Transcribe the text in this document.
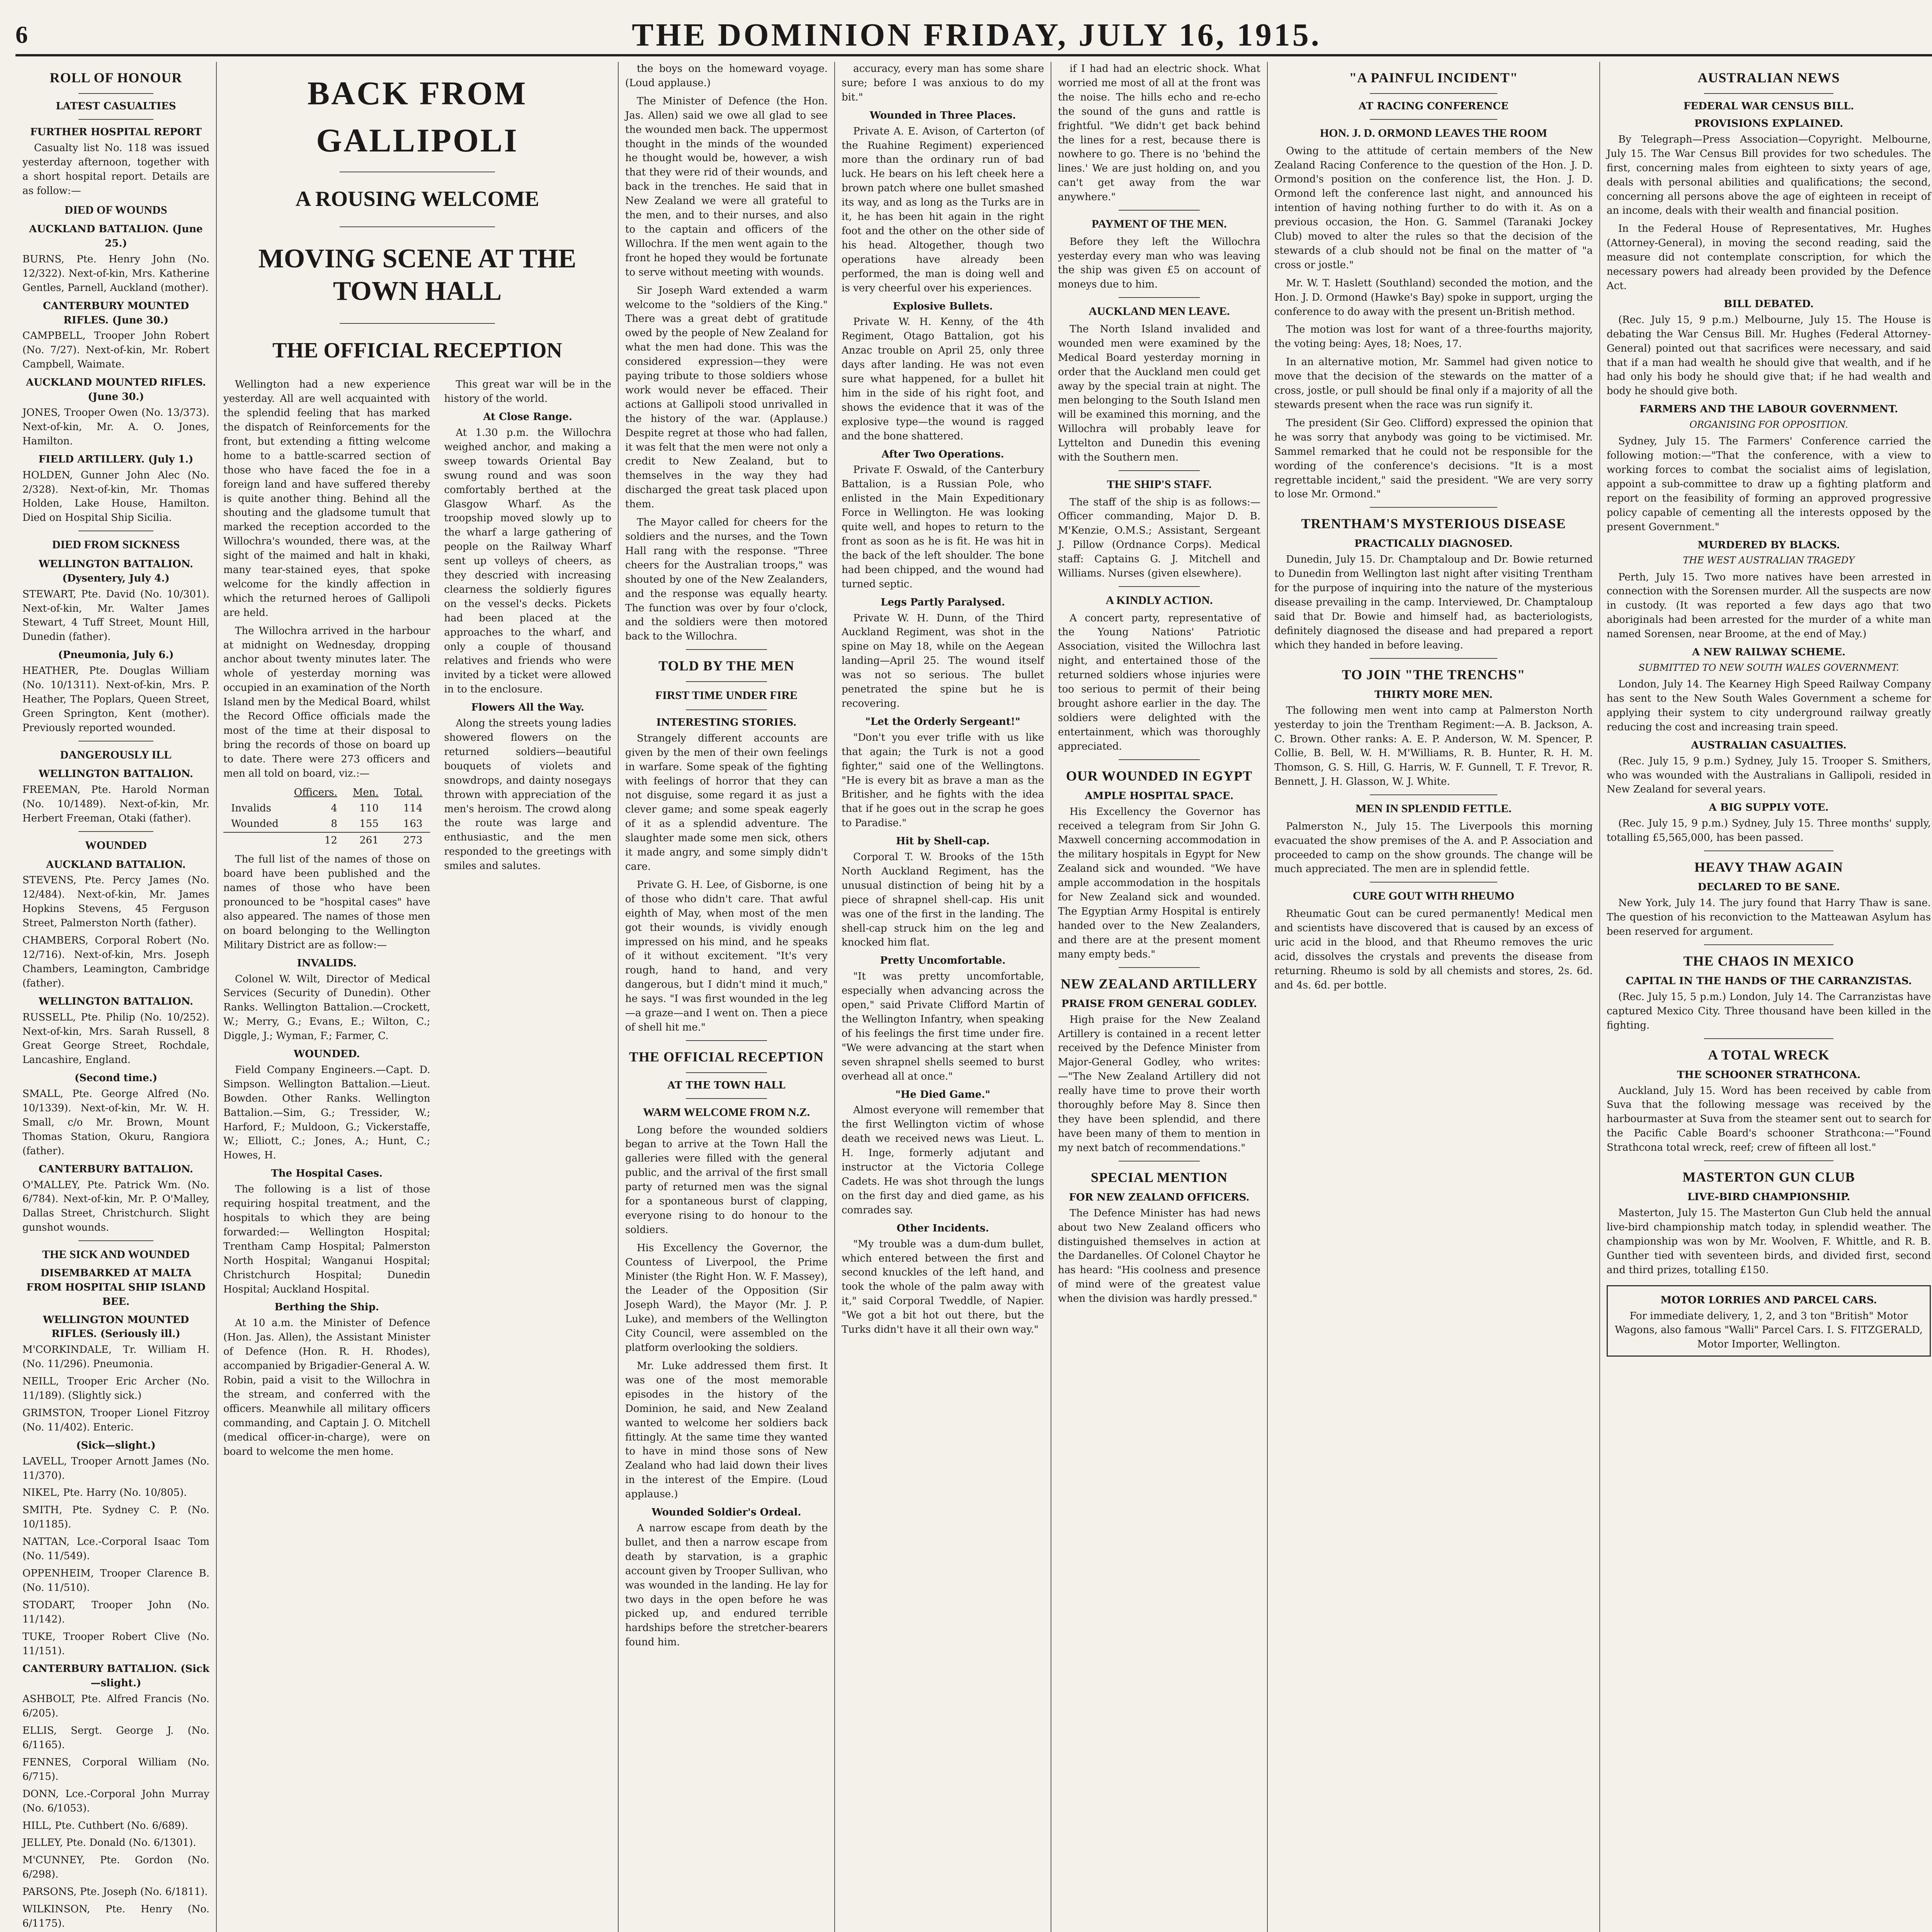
6	THE DOMINION FRIDAY, JULY 16, 1915.
ROLL OF HONOUR
LATEST CASUALTIES
FURTHER HOSPITAL REPORT

Casualty list No. 118 was issued yesterday afternoon, together with a short hospital report. Details are as follow:—

DIED OF WOUNDS
AUCKLAND BATTALION. (June 25.)
BURNS, Pte. Henry John (No. 12/322). Next-of-kin, Mrs. Katherine Gentles, Parnell, Auckland (mother).
CANTERBURY MOUNTED RIFLES. (June 30.)
CAMPBELL, Trooper John Robert (No. 7/27). Next-of-kin, Mr. Robert Campbell, Waimate.
AUCKLAND MOUNTED RIFLES. (June 30.)
JONES, Trooper Owen (No. 13/373). Next-of-kin, Mr. A. O. Jones, Hamilton.
FIELD ARTILLERY. (July 1.)
HOLDEN, Gunner John Alec (No. 2/328). Next-of-kin, Mr. Thomas Holden, Lake House, Hamilton. Died on Hospital Ship Sicilia.
DIED FROM SICKNESS
WELLINGTON BATTALION. (Dysentery, July 4.)
STEWART, Pte. David (No. 10/301). Next-of-kin, Mr. Walter James Stewart, 4 Tuff Street, Mount Hill, Dunedin (father).
(Pneumonia, July 6.)
HEATHER, Pte. Douglas William (No. 10/1311). Next-of-kin, Mrs. P. Heather, The Poplars, Queen Street, Green Springton, Kent (mother). Previously reported wounded.
DANGEROUSLY ILL
WELLINGTON BATTALION.
FREEMAN, Pte. Harold Norman (No. 10/1489). Next-of-kin, Mr. Herbert Freeman, Otaki (father).
WOUNDED
AUCKLAND BATTALION.
STEVENS, Pte. Percy James (No. 12/484). Next-of-kin, Mr. James Hopkins Stevens, 45 Ferguson Street, Palmerston North (father).
CHAMBERS, Corporal Robert (No. 12/716). Next-of-kin, Mrs. Joseph Chambers, Leamington, Cambridge (father).
WELLINGTON BATTALION.
RUSSELL, Pte. Philip (No. 10/252). Next-of-kin, Mrs. Sarah Russell, 8 Great George Street, Rochdale, Lancashire, England.
(Second time.)
SMALL, Pte. George Alfred (No. 10/1339). Next-of-kin, Mr. W. H. Small, c/o Mr. Brown, Mount Thomas Station, Okuru, Rangiora (father).
CANTERBURY BATTALION.
O'MALLEY, Pte. Patrick Wm. (No. 6/784). Next-of-kin, Mr. P. O'Malley, Dallas Street, Christchurch. Slight gunshot wounds.
THE SICK AND WOUNDED
DISEMBARKED AT MALTA FROM HOSPITAL SHIP ISLAND BEE.
WELLINGTON MOUNTED RIFLES. (Seriously ill.)
M'CORKINDALE, Tr. William H. (No. 11/296). Pneumonia.
NEILL, Trooper Eric Archer (No. 11/189). (Slightly sick.)
GRIMSTON, Trooper Lionel Fitzroy (No. 11/402). Enteric.
(Sick—slight.)
LAVELL, Trooper Arnott James (No. 11/370).
NIKEL, Pte. Harry (No. 10/805).
SMITH, Pte. Sydney C. P. (No. 10/1185).
NATTAN, Lce.-Corporal Isaac Tom (No. 11/549).
OPPENHEIM, Trooper Clarence B. (No. 11/510).
STODART, Trooper John (No. 11/142).
TUKE, Trooper Robert Clive (No. 11/151).
CANTERBURY BATTALION. (Sick—slight.)
ASHBOLT, Pte. Alfred Francis (No. 6/205).
ELLIS, Sergt. George J. (No. 6/1165).
FENNES, Corporal William (No. 6/715).
DONN, Lce.-Corporal John Murray (No. 6/1053).
HILL, Pte. Cuthbert (No. 6/689).
JELLEY, Pte. Donald (No. 6/1301).
M'CUNNEY, Pte. Gordon (No. 6/298).
PARSONS, Pte. Joseph (No. 6/1811).
WILKINSON, Pte. Henry (No. 6/1175).

BACK FROM GALLIPOLI
A ROUSING WELCOME
MOVING SCENE AT THE TOWN HALL
THE OFFICIAL RECEPTION

Wellington had a new experience yesterday. All are well acquainted with the splendid feeling that has marked the dispatch of Reinforcements for the front, but extending a fitting welcome home to a battle-scarred section of those who have faced the foe in a foreign land and have suffered thereby is quite another thing. Behind all the shouting and the gladsome tumult that marked the reception accorded to the Willochra's wounded, there was, at the sight of the maimed and halt in khaki, many tear-stained eyes, that spoke welcome for the kindly affection in which the returned heroes of Gallipoli are held.

The Willochra arrived in the harbour at midnight on Wednesday, dropping anchor about twenty minutes later. The whole of yesterday morning was occupied in an examination of the North Island men by the Medical Board, whilst the Record Office officials made the most of the time at their disposal to bring the records of those on board up to date. There were 273 officers and men all told on board, viz.:—

	Officers.	Men.	Total.
Invalids	4	110	114
Wounded	8	155	163
	12	261	273

The full list of the names of those on board have been published and the names of those who have been pronounced to be "hospital cases" have also appeared. The names of those men on board belonging to the Wellington Military District are as follow:—

INVALIDS.

Colonel W. Wilt, Director of Medical Services (Security of Dunedin). Other Ranks. Wellington Battalion.—Crockett, W.; Merry, G.; Evans, E.; Wilton, C.; Diggle, J.; Wyman, F.; Farmer, C.

WOUNDED.

Field Company Engineers.—Capt. D. Simpson. Wellington Battalion.—Lieut. Bowden. Other Ranks. Wellington Battalion.—Sim, G.; Tressider, W.; Harford, F.; Muldoon, G.; Vickerstaffe, W.; Elliott, C.; Jones, A.; Hunt, C.; Howes, H.

The Hospital Cases.

The following is a list of those requiring hospital treatment, and the hospitals to which they are being forwarded:— Wellington Hospital; Trentham Camp Hospital; Palmerston North Hospital; Wanganui Hospital; Christchurch Hospital; Dunedin Hospital; Auckland Hospital.

Berthing the Ship.

At 10 a.m. the Minister of Defence (Hon. Jas. Allen), the Assistant Minister of Defence (Hon. R. H. Rhodes), accompanied by Brigadier-General A. W. Robin, paid a visit to the Willochra in the stream, and conferred with the officers. Meanwhile all military officers commanding, and Captain J. O. Mitchell (medical officer-in-charge), were on board to welcome the men home.

This great war will be in the history of the world.

At Close Range.

At 1.30 p.m. the Willochra weighed anchor, and making a sweep towards Oriental Bay swung round and was soon comfortably berthed at the Glasgow Wharf. As the troopship moved slowly up to the wharf a large gathering of people on the Railway Wharf sent up volleys of cheers, as they descried with increasing clearness the soldierly figures on the vessel's decks. Pickets had been placed at the approaches to the wharf, and only a couple of thousand relatives and friends who were invited by a ticket were allowed in to the enclosure.

Flowers All the Way.

Along the streets young ladies showered flowers on the returned soldiers—beautiful bouquets of violets and snowdrops, and dainty nosegays thrown with appreciation of the men's heroism. The crowd along the route was large and enthusiastic, and the men responded to the greetings with smiles and salutes.

the boys on the homeward voyage. (Loud applause.)

The Minister of Defence (the Hon. Jas. Allen) said we owe all glad to see the wounded men back. The uppermost thought in the minds of the wounded he thought would be, however, a wish that they were rid of their wounds, and back in the trenches. He said that in New Zealand we were all grateful to the men, and to their nurses, and also to the captain and officers of the Willochra. If the men went again to the front he hoped they would be fortunate to serve without meeting with wounds.

Sir Joseph Ward extended a warm welcome to the "soldiers of the King." There was a great debt of gratitude owed by the people of New Zealand for what the men had done. This was the considered expression—they were paying tribute to those soldiers whose work would never be effaced. Their actions at Gallipoli stood unrivalled in the history of the war. (Applause.) Despite regret at those who had fallen, it was felt that the men were not only a credit to New Zealand, but to themselves in the way they had discharged the great task placed upon them.

The Mayor called for cheers for the soldiers and the nurses, and the Town Hall rang with the response. "Three cheers for the Australian troops," was shouted by one of the New Zealanders, and the response was equally hearty. The function was over by four o'clock, and the soldiers were then motored back to the Willochra.

TOLD BY THE MEN
FIRST TIME UNDER FIRE
INTERESTING STORIES.

Strangely different accounts are given by the men of their own feelings in warfare. Some speak of the fighting with feelings of horror that they can not disguise, some regard it as just a clever game; and some speak eagerly of it as a splendid adventure. The slaughter made some men sick, others it made angry, and some simply didn't care.

Private G. H. Lee, of Gisborne, is one of those who didn't care. That awful eighth of May, when most of the men got their wounds, is vividly enough impressed on his mind, and he speaks of it without excitement. "It's very rough, hand to hand, and very dangerous, but I didn't mind it much," he says. "I was first wounded in the leg—a graze—and I went on. Then a piece of shell hit me."

THE OFFICIAL RECEPTION
AT THE TOWN HALL
WARM WELCOME FROM N.Z.

Long before the wounded soldiers began to arrive at the Town Hall the galleries were filled with the general public, and the arrival of the first small party of returned men was the signal for a spontaneous burst of clapping, everyone rising to do honour to the soldiers.

His Excellency the Governor, the Countess of Liverpool, the Prime Minister (the Right Hon. W. F. Massey), the Leader of the Opposition (Sir Joseph Ward), the Mayor (Mr. J. P. Luke), and members of the Wellington City Council, were assembled on the platform overlooking the soldiers.

Mr. Luke addressed them first. It was one of the most memorable episodes in the history of the Dominion, he said, and New Zealand wanted to welcome her soldiers back fittingly. At the same time they wanted to have in mind those sons of New Zealand who had laid down their lives in the interest of the Empire. (Loud applause.)

Wounded Soldier's Ordeal.

A narrow escape from death by the bullet, and then a narrow escape from death by starvation, is a graphic account given by Trooper Sullivan, who was wounded in the landing. He lay for two days in the open before he was picked up, and endured terrible hardships before the stretcher-bearers found him.

accuracy, every man has some share sure; before I was anxious to do my bit."

Wounded in Three Places.

Private A. E. Avison, of Carterton (of the Ruahine Regiment) experienced more than the ordinary run of bad luck. He bears on his left cheek here a brown patch where one bullet smashed its way, and as long as the Turks are in it, he has been hit again in the right foot and the other on the other side of his head. Altogether, though two operations have already been performed, the man is doing well and is very cheerful over his experiences.

Explosive Bullets.

Private W. H. Kenny, of the 4th Regiment, Otago Battalion, got his Anzac trouble on April 25, only three days after landing. He was not even sure what happened, for a bullet hit him in the side of his right foot, and shows the evidence that it was of the explosive type—the wound is ragged and the bone shattered.

After Two Operations.

Private F. Oswald, of the Canterbury Battalion, is a Russian Pole, who enlisted in the Main Expeditionary Force in Wellington. He was looking quite well, and hopes to return to the front as soon as he is fit. He was hit in the back of the left shoulder. The bone had been chipped, and the wound had turned septic.

Legs Partly Paralysed.

Private W. H. Dunn, of the Third Auckland Regiment, was shot in the spine on May 18, while on the Aegean landing—April 25. The wound itself was not so serious. The bullet penetrated the spine but he is recovering.

"Let the Orderly Sergeant!"

"Don't you ever trifle with us like that again; the Turk is not a good fighter," said one of the Wellingtons. "He is every bit as brave a man as the Britisher, and he fights with the idea that if he goes out in the scrap he goes to Paradise."

Hit by Shell-cap.

Corporal T. W. Brooks of the 15th North Auckland Regiment, has the unusual distinction of being hit by a piece of shrapnel shell-cap. His unit was one of the first in the landing. The shell-cap struck him on the leg and knocked him flat.

Pretty Uncomfortable.

"It was pretty uncomfortable, especially when advancing across the open," said Private Clifford Martin of the Wellington Infantry, when speaking of his feelings the first time under fire. "We were advancing at the start when seven shrapnel shells seemed to burst overhead all at once."

"He Died Game."

Almost everyone will remember that the first Wellington victim of whose death we received news was Lieut. L. H. Inge, formerly adjutant and instructor at the Victoria College Cadets. He was shot through the lungs on the first day and died game, as his comrades say.

Other Incidents.

"My trouble was a dum-dum bullet, which entered between the first and second knuckles of the left hand, and took the whole of the palm away with it," said Corporal Tweddle, of Napier. "We got a bit hot out there, but the Turks didn't have it all their own way."

if I had had an electric shock. What worried me most of all at the front was the noise. The hills echo and re-echo the sound of the guns and rattle is frightful. "We didn't get back behind the lines for a rest, because there is nowhere to go. There is no 'behind the lines.' We are just holding on, and you can't get away from the war anywhere."

PAYMENT OF THE MEN.

Before they left the Willochra yesterday every man who was leaving the ship was given £5 on account of moneys due to him.

AUCKLAND MEN LEAVE.

The North Island invalided and wounded men were examined by the Medical Board yesterday morning in order that the Auckland men could get away by the special train at night. The men belonging to the South Island men will be examined this morning, and the Willochra will probably leave for Lyttelton and Dunedin this evening with the Southern men.

THE SHIP'S STAFF.

The staff of the ship is as follows:— Officer commanding, Major D. B. M'Kenzie, O.M.S.; Assistant, Sergeant J. Pillow (Ordnance Corps). Medical staff: Captains G. J. Mitchell and Williams. Nurses (given elsewhere).

A KINDLY ACTION.

A concert party, representative of the Young Nations' Patriotic Association, visited the Willochra last night, and entertained those of the returned soldiers whose injuries were too serious to permit of their being brought ashore earlier in the day. The soldiers were delighted with the entertainment, which was thoroughly appreciated.

OUR WOUNDED IN EGYPT
AMPLE HOSPITAL SPACE.

His Excellency the Governor has received a telegram from Sir John G. Maxwell concerning accommodation in the military hospitals in Egypt for New Zealand sick and wounded. "We have ample accommodation in the hospitals for New Zealand sick and wounded. The Egyptian Army Hospital is entirely handed over to the New Zealanders, and there are at the present moment many empty beds."

NEW ZEALAND ARTILLERY
PRAISE FROM GENERAL GODLEY.

High praise for the New Zealand Artillery is contained in a recent letter received by the Defence Minister from Major-General Godley, who writes:—"The New Zealand Artillery did not really have time to prove their worth thoroughly before May 8. Since then they have been splendid, and there have been many of them to mention in my next batch of recommendations."

SPECIAL MENTION
FOR NEW ZEALAND OFFICERS.

The Defence Minister has had news about two New Zealand officers who distinguished themselves in action at the Dardanelles. Of Colonel Chaytor he has heard: "His coolness and presence of mind were of the greatest value when the division was hardly pressed."

"A PAINFUL INCIDENT"
AT RACING CONFERENCE
HON. J. D. ORMOND LEAVES THE ROOM

Owing to the attitude of certain members of the New Zealand Racing Conference to the question of the Hon. J. D. Ormond's position on the conference list, the Hon. J. D. Ormond left the conference last night, and announced his intention of having nothing further to do with it. As on a previous occasion, the Hon. G. Sammel (Taranaki Jockey Club) moved to alter the rules so that the decision of the stewards of a club should not be final on the matter of "a cross or jostle."

Mr. W. T. Haslett (Southland) seconded the motion, and the Hon. J. D. Ormond (Hawke's Bay) spoke in support, urging the conference to do away with the present un-British method.

The motion was lost for want of a three-fourths majority, the voting being: Ayes, 18; Noes, 17.

In an alternative motion, Mr. Sammel had given notice to move that the decision of the stewards on the matter of a cross, jostle, or pull should be final only if a majority of all the stewards present when the race was run signify it.

The president (Sir Geo. Clifford) expressed the opinion that he was sorry that anybody was going to be victimised. Mr. Sammel remarked that he could not be responsible for the wording of the conference's decisions. "It is a most regrettable incident," said the president. "We are very sorry to lose Mr. Ormond."

TRENTHAM'S MYSTERIOUS DISEASE
PRACTICALLY DIAGNOSED.

Dunedin, July 15. Dr. Champtaloup and Dr. Bowie returned to Dunedin from Wellington last night after visiting Trentham for the purpose of inquiring into the nature of the mysterious disease prevailing in the camp. Interviewed, Dr. Champtaloup said that Dr. Bowie and himself had, as bacteriologists, definitely diagnosed the disease and had prepared a report which they handed in before leaving.

TO JOIN "THE TRENCHS"
THIRTY MORE MEN.

The following men went into camp at Palmerston North yesterday to join the Trentham Regiment:—A. B. Jackson, A. C. Brown. Other ranks: A. E. P. Anderson, W. M. Spencer, P. Collie, B. Bell, W. H. M'Williams, R. B. Hunter, R. H. M. Thomson, G. S. Hill, G. Harris, W. F. Gunnell, T. F. Trevor, R. Bennett, J. H. Glasson, W. J. White.

MEN IN SPLENDID FETTLE.

Palmerston N., July 15. The Liverpools this morning evacuated the show premises of the A. and P. Association and proceeded to camp on the show grounds. The change will be much appreciated. The men are in splendid fettle.

CURE GOUT WITH RHEUMO

Rheumatic Gout can be cured permanently! Medical men and scientists have discovered that is caused by an excess of uric acid in the blood, and that Rheumo removes the uric acid, dissolves the crystals and prevents the disease from returning. Rheumo is sold by all chemists and stores, 2s. 6d. and 4s. 6d. per bottle.

AUSTRALIAN NEWS
FEDERAL WAR CENSUS BILL.
PROVISIONS EXPLAINED.

By Telegraph—Press Association—Copyright. Melbourne, July 15. The War Census Bill provides for two schedules. The first, concerning males from eighteen to sixty years of age, deals with personal abilities and qualifications; the second, concerning all persons above the age of eighteen in receipt of an income, deals with their wealth and financial position.

In the Federal House of Representatives, Mr. Hughes (Attorney-General), in moving the second reading, said the measure did not contemplate conscription, for which the necessary powers had already been provided by the Defence Act.

BILL DEBATED.

(Rec. July 15, 9 p.m.) Melbourne, July 15. The House is debating the War Census Bill. Mr. Hughes (Federal Attorney-General) pointed out that sacrifices were necessary, and said that if a man had wealth he should give that wealth, and if he had only his body he should give that; if he had wealth and body he should give both.

FARMERS AND THE LABOUR GOVERNMENT.
ORGANISING FOR OPPOSITION.

Sydney, July 15. The Farmers' Conference carried the following motion:—"That the conference, with a view to working forces to combat the socialist aims of legislation, appoint a sub-committee to draw up a fighting platform and report on the feasibility of forming an approved progressive policy capable of cementing all the interests opposed by the present Government."

MURDERED BY BLACKS.
THE WEST AUSTRALIAN TRAGEDY

Perth, July 15. Two more natives have been arrested in connection with the Sorensen murder. All the suspects are now in custody. (It was reported a few days ago that two aboriginals had been arrested for the murder of a white man named Sorensen, near Broome, at the end of May.)

A NEW RAILWAY SCHEME.
SUBMITTED TO NEW SOUTH WALES GOVERNMENT.

London, July 14. The Kearney High Speed Railway Company has sent to the New South Wales Government a scheme for applying their system to city underground railway greatly reducing the cost and increasing train speed.

AUSTRALIAN CASUALTIES.

(Rec. July 15, 9 p.m.) Sydney, July 15. Trooper S. Smithers, who was wounded with the Australians in Gallipoli, resided in New Zealand for several years.

A BIG SUPPLY VOTE.

(Rec. July 15, 9 p.m.) Sydney, July 15. Three months' supply, totalling £5,565,000, has been passed.

HEAVY THAW AGAIN
DECLARED TO BE SANE.

New York, July 14. The jury found that Harry Thaw is sane. The question of his reconviction to the Matteawan Asylum has been reserved for argument.

THE CHAOS IN MEXICO
CAPITAL IN THE HANDS OF THE CARRANZISTAS.

(Rec. July 15, 5 p.m.) London, July 14. The Carranzistas have captured Mexico City. Three thousand have been killed in the fighting.

A TOTAL WRECK
THE SCHOONER STRATHCONA.

Auckland, July 15. Word has been received by cable from Suva that the following message was received by the harbourmaster at Suva from the steamer sent out to search for the Pacific Cable Board's schooner Strathcona:—"Found Strathcona total wreck, reef; crew of fifteen all lost."

MASTERTON GUN CLUB
LIVE-BIRD CHAMPIONSHIP.

Masterton, July 15. The Masterton Gun Club held the annual live-bird championship match today, in splendid weather. The championship was won by Mr. Woolven, F. Whittle, and R. B. Gunther tied with seventeen birds, and divided first, second and third prizes, totalling £150.

MOTOR LORRIES AND PARCEL CARS.
For immediate delivery, 1, 2, and 3 ton "British" Motor Wagons, also famous "Walli" Parcel Cars. I. S. FITZGERALD, Motor Importer, Wellington.
